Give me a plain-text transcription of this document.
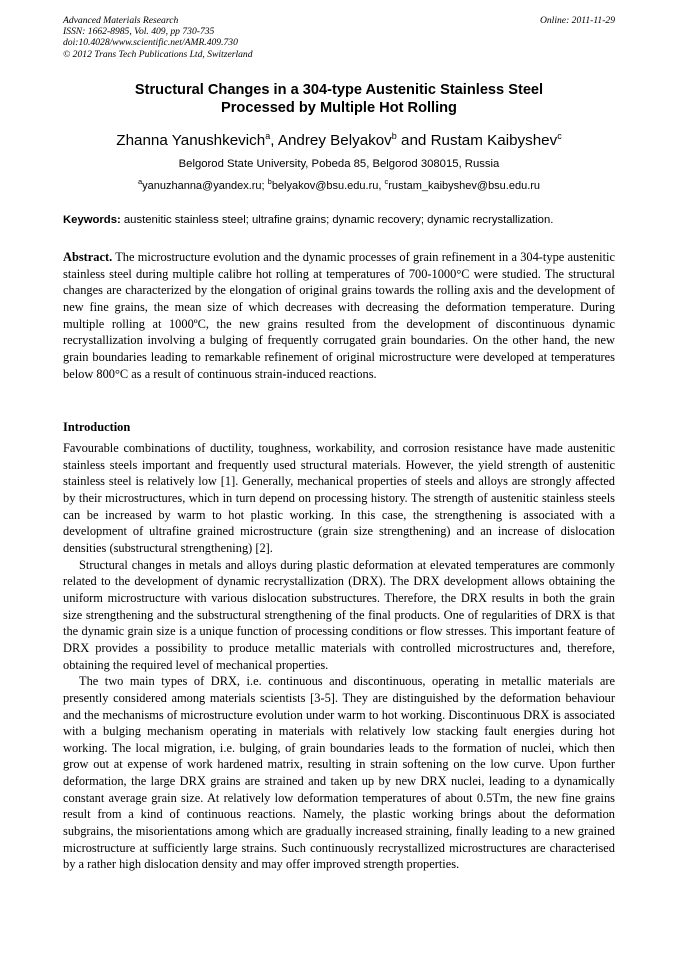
Advanced Materials Research
ISSN: 1662-8985, Vol. 409, pp 730-735
doi:10.4028/www.scientific.net/AMR.409.730
© 2012 Trans Tech Publications Ltd, Switzerland
Online: 2011-11-29
Structural Changes in a 304-type Austenitic Stainless Steel
Processed by Multiple Hot Rolling
Zhanna Yanushkevich$^a$, Andrey Belyakov$^b$ and Rustam Kaibyshev$^c$
Belgorod State University, Pobeda 85, Belgorod 308015, Russia
$^a$yanuzhanna@yandex.ru; $^b$belyakov@bsu.edu.ru, $^c$rustam_kaibyshev@bsu.edu.ru
Keywords: austenitic stainless steel; ultrafine grains; dynamic recovery; dynamic recrystallization.
Abstract. The microstructure evolution and the dynamic processes of grain refinement in a 304-type austenitic stainless steel during multiple calibre hot rolling at temperatures of 700-1000°C were studied. The structural changes are characterized by the elongation of original grains towards the rolling axis and the development of new fine grains, the mean size of which decreases with decreasing the deformation temperature. During multiple rolling at 1000ºC, the new grains resulted from the development of discontinuous dynamic recrystallization involving a bulging of frequently corrugated grain boundaries. On the other hand, the new grain boundaries leading to remarkable refinement of original microstructure were developed at temperatures below 800°C as a result of continuous strain-induced reactions.
Introduction

Favourable combinations of ductility, toughness, workability, and corrosion resistance have made austenitic stainless steels important and frequently used structural materials. However, the yield strength of austenitic stainless steel is relatively low [1]. Generally, mechanical properties of steels and alloys are strongly affected by their microstructures, which in turn depend on processing history. The strength of austenitic stainless steels can be increased by warm to hot plastic working. In this case, the strengthening is associated with a development of ultrafine grained microstructure (grain size strengthening) and an increase of dislocation densities (substructural strengthening) [2].

Structural changes in metals and alloys during plastic deformation at elevated temperatures are commonly related to the development of dynamic recrystallization (DRX). The DRX development allows obtaining the uniform microstructure with various dislocation substructures. Therefore, the DRX results in both the grain size strengthening and the substructural strengthening of the final products. One of regularities of DRX is that the dynamic grain size is a unique function of processing conditions or flow stresses. This important feature of DRX provides a possibility to produce metallic materials with controlled microstructures and, therefore, obtaining the required level of mechanical properties.

The two main types of DRX, i.e. continuous and discontinuous, operating in metallic materials are presently considered among materials scientists [3-5]. They are distinguished by the deformation behaviour and the mechanisms of microstructure evolution under warm to hot working. Discontinuous DRX is associated with a bulging mechanism operating in materials with relatively low stacking fault energies during hot working. The local migration, i.e. bulging, of grain boundaries leads to the formation of nuclei, which then grow out at expense of work hardened matrix, resulting in strain softening on the low curve. Upon further deformation, the large DRX grains are strained and taken up by new DRX nuclei, leading to a dynamically constant average grain size. At relatively low deformation temperatures of about 0.5Tm, the new fine grains result from a kind of continuous reactions. Namely, the plastic working brings about the deformation subgrains, the misorientations among which are gradually increased straining, finally leading to a new grained microstructure at sufficiently large strains. Such continuously recrystallized microstructures are characterised by a rather high dislocation density and may offer improved strength properties.
